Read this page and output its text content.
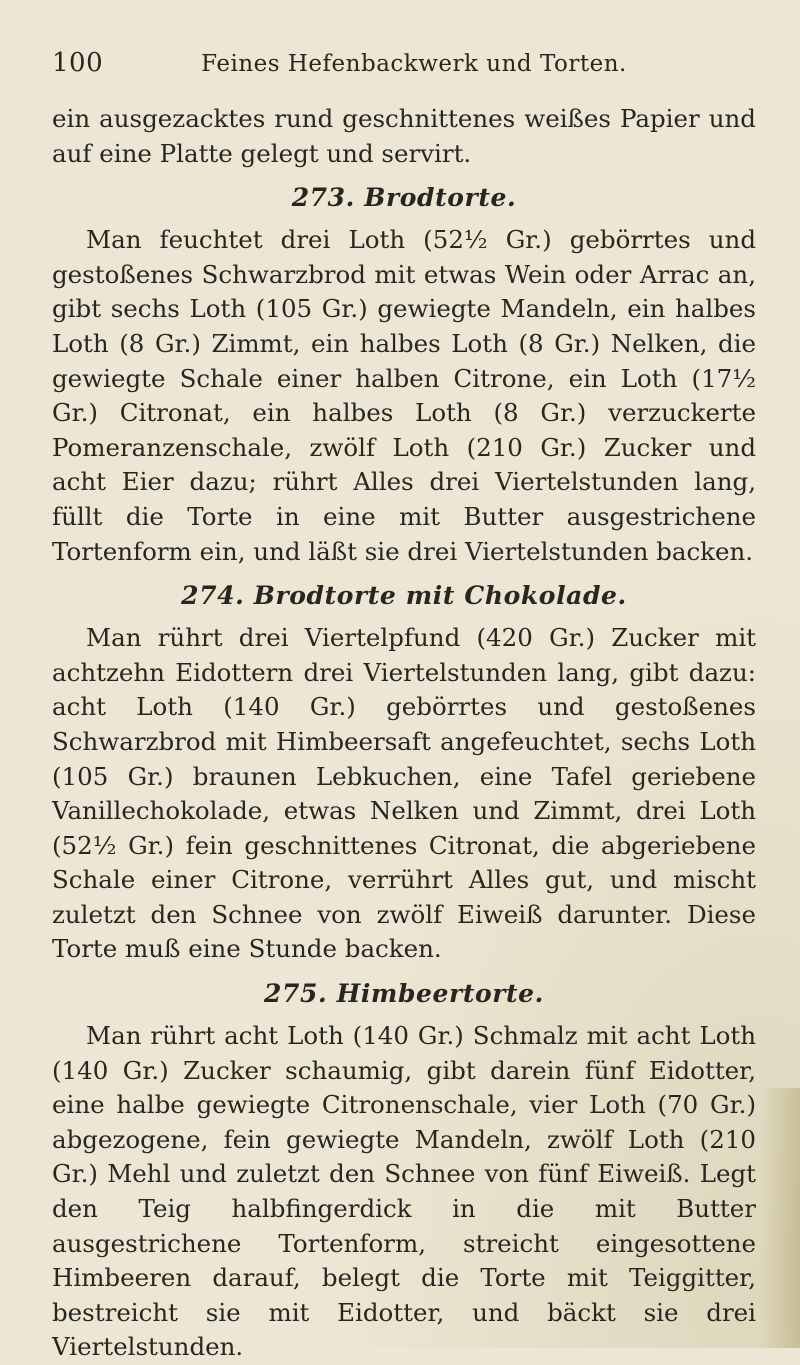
100	Feines Hefenbackwerk und Torten.

ein ausgezacktes rund geschnittenes weißes Papier und auf eine Platte gelegt und servirt.

273. Brodtorte.

Man feuchtet drei Loth (52½ Gr.) gebörrtes und gestoßenes Schwarzbrod mit etwas Wein oder Arrac an, gibt sechs Loth (105 Gr.) gewiegte Mandeln, ein halbes Loth (8 Gr.) Zimmt, ein halbes Loth (8 Gr.) Nelken, die gewiegte Schale einer halben Citrone, ein Loth (17½ Gr.) Citronat, ein halbes Loth (8 Gr.) verzuckerte Pomeranzenschale, zwölf Loth (210 Gr.) Zucker und acht Eier dazu; rührt Alles drei Viertelstunden lang, füllt die Torte in eine mit Butter ausgestrichene Tortenform ein, und läßt sie drei Viertelstunden backen.

274. Brodtorte mit Chokolade.

Man rührt drei Viertelpfund (420 Gr.) Zucker mit achtzehn Eidottern drei Viertelstunden lang, gibt dazu: acht Loth (140 Gr.) gebörrtes und gestoßenes Schwarzbrod mit Himbeersaft angefeuchtet, sechs Loth (105 Gr.) braunen Lebkuchen, eine Tafel geriebene Vanillechokolade, etwas Nelken und Zimmt, drei Loth (52½ Gr.) fein geschnittenes Citronat, die abgeriebene Schale einer Citrone, verrührt Alles gut, und mischt zuletzt den Schnee von zwölf Eiweiß darunter. Diese Torte muß eine Stunde backen.

275. Himbeertorte.

Man rührt acht Loth (140 Gr.) Schmalz mit acht Loth (140 Gr.) Zucker schaumig, gibt darein fünf Eidotter, eine halbe gewiegte Citronenschale, vier Loth (70 Gr.) abgezogene, fein gewiegte Mandeln, zwölf Loth (210 Gr.) Mehl und zuletzt den Schnee von fünf Eiweiß. Legt den Teig halbfingerdick in die mit Butter ausgestrichene Tortenform, streicht eingesottene Himbeeren darauf, belegt die Torte mit Teiggitter, bestreicht sie mit Eidotter, und bäckt sie drei Viertelstunden.
